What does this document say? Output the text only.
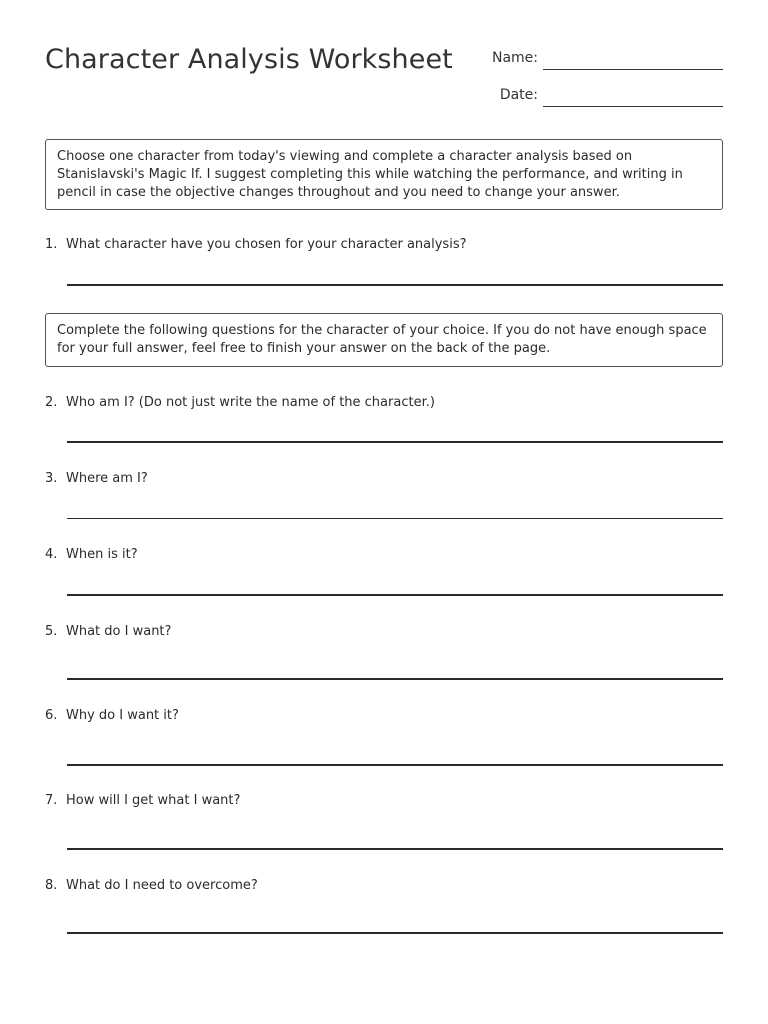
Character Analysis Worksheet	Name:
Date:
Choose one character from today's viewing and complete a character analysis based on Stanislavski's Magic If. I suggest completing this while watching the performance, and writing in pencil in case the objective changes throughout and you need to change your answer.
1. What character have you chosen for your character analysis?
Complete the following questions for the character of your choice. If you do not have enough space for your full answer, feel free to finish your answer on the back of the page.
2. Who am I? (Do not just write the name of the character.)
3. Where am I?
4. When is it?
5. What do I want?
6. Why do I want it?
7. How will I get what I want?
8. What do I need to overcome?
